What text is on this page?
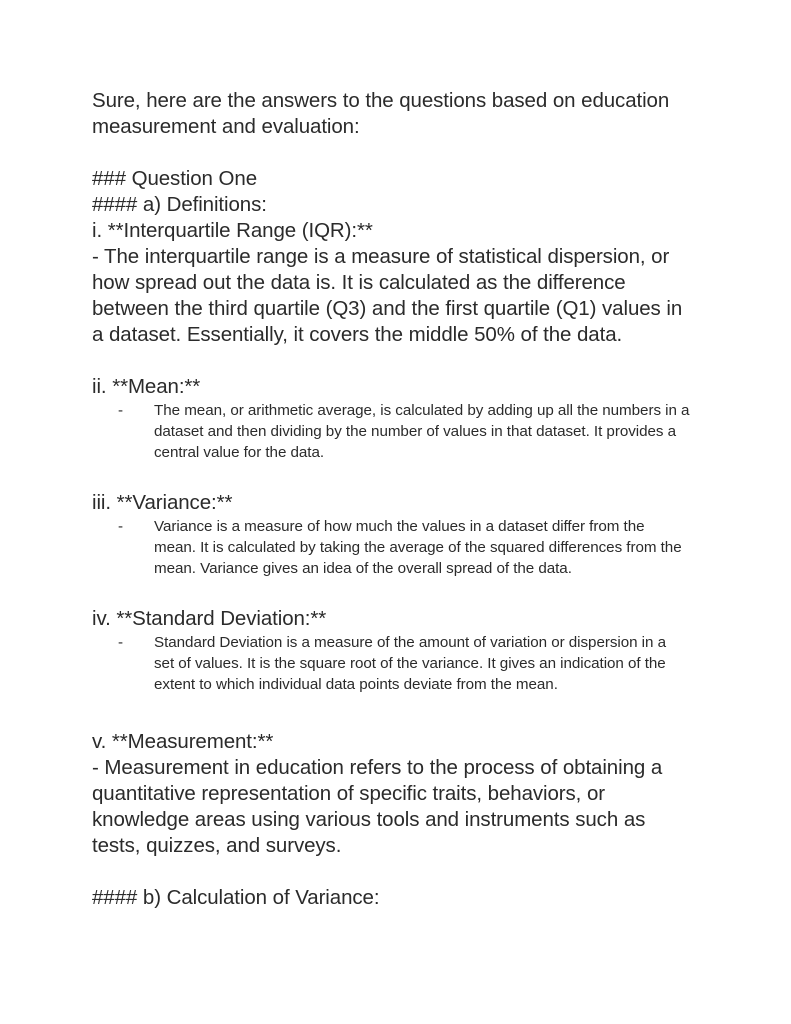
Sure, here are the answers to the questions based on education
measurement and evaluation:

### Question One

#### a) Definitions:

i. **Interquartile Range (IQR):**

- The interquartile range is a measure of statistical dispersion, or
how spread out the data is. It is calculated as the difference
between the third quartile (Q3) and the first quartile (Q1) values in
a dataset. Essentially, it covers the middle 50% of the data.

ii. **Mean:**

-	The mean, or arithmetic average, is calculated by adding up all the numbers in a
dataset and then dividing by the number of values in that dataset. It provides a
central value for the data.

iii. **Variance:**

-	Variance is a measure of how much the values in a dataset differ from the
mean. It is calculated by taking the average of the squared differences from the
mean. Variance gives an idea of the overall spread of the data.

iv. **Standard Deviation:**

-	Standard Deviation is a measure of the amount of variation or dispersion in a
set of values. It is the square root of the variance. It gives an indication of the
extent to which individual data points deviate from the mean.

v. **Measurement:**

- Measurement in education refers to the process of obtaining a
quantitative representation of specific traits, behaviors, or
knowledge areas using various tools and instruments such as
tests, quizzes, and surveys.

#### b) Calculation of Variance:
